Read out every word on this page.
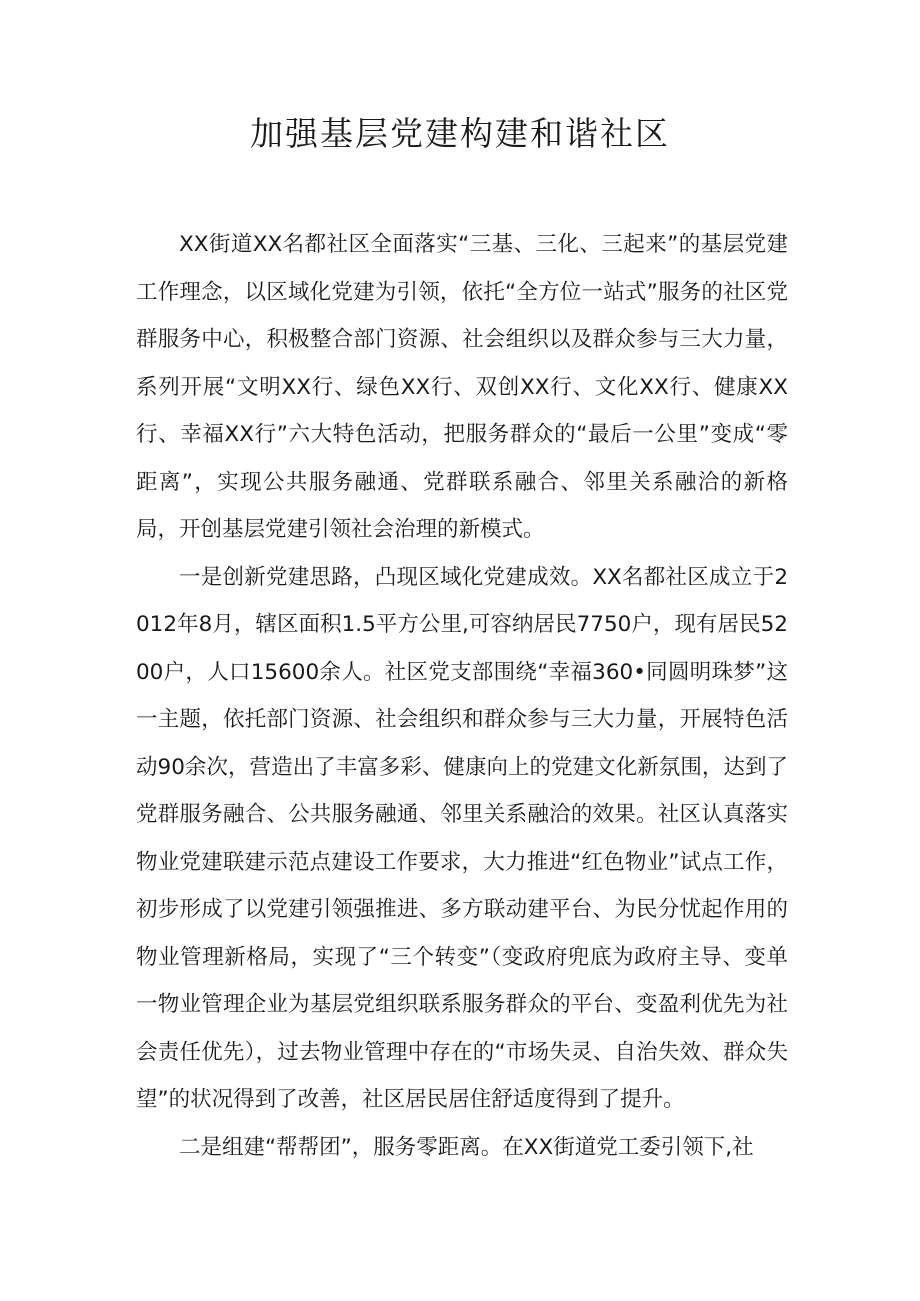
加强基层党建构建和谐社区

XX街道XX名都社区全面落实“三基、三化、三起来”的基层党建工作理念，以区域化党建为引领，依托“全方位一站式”服务的社区党群服务中心，积极整合部门资源、社会组织以及群众参与三大力量，系列开展“文明XX行、绿色XX行、双创XX行、文化XX行、健康XX行、幸福XX行”六大特色活动，把服务群众的“最后一公里”变成“零距离”，实现公共服务融通、党群联系融合、邻里关系融洽的新格局，开创基层党建引领社会治理的新模式。

一是创新党建思路，凸现区域化党建成效。XX名都社区成立于2012年8月，辖区面积1.5平方公里,可容纳居民7750户，现有居民5200户，人口15600余人。社区党支部围绕“幸福360•同圆明珠梦”这一主题，依托部门资源、社会组织和群众参与三大力量，开展特色活动90余次，营造出了丰富多彩、健康向上的党建文化新氛围，达到了党群服务融合、公共服务融通、邻里关系融洽的效果。社区认真落实物业党建联建示范点建设工作要求，大力推进“红色物业”试点工作，初步形成了以党建引领强推进、多方联动建平台、为民分忧起作用的物业管理新格局，实现了“三个转变”（变政府兜底为政府主导、变单一物业管理企业为基层党组织联系服务群众的平台、变盈利优先为社会责任优先），过去物业管理中存在的“市场失灵、自治失效、群众失望”的状况得到了改善，社区居民居住舒适度得到了提升。

二是组建“帮帮团”，服务零距离。在XX街道党工委引领下,社
